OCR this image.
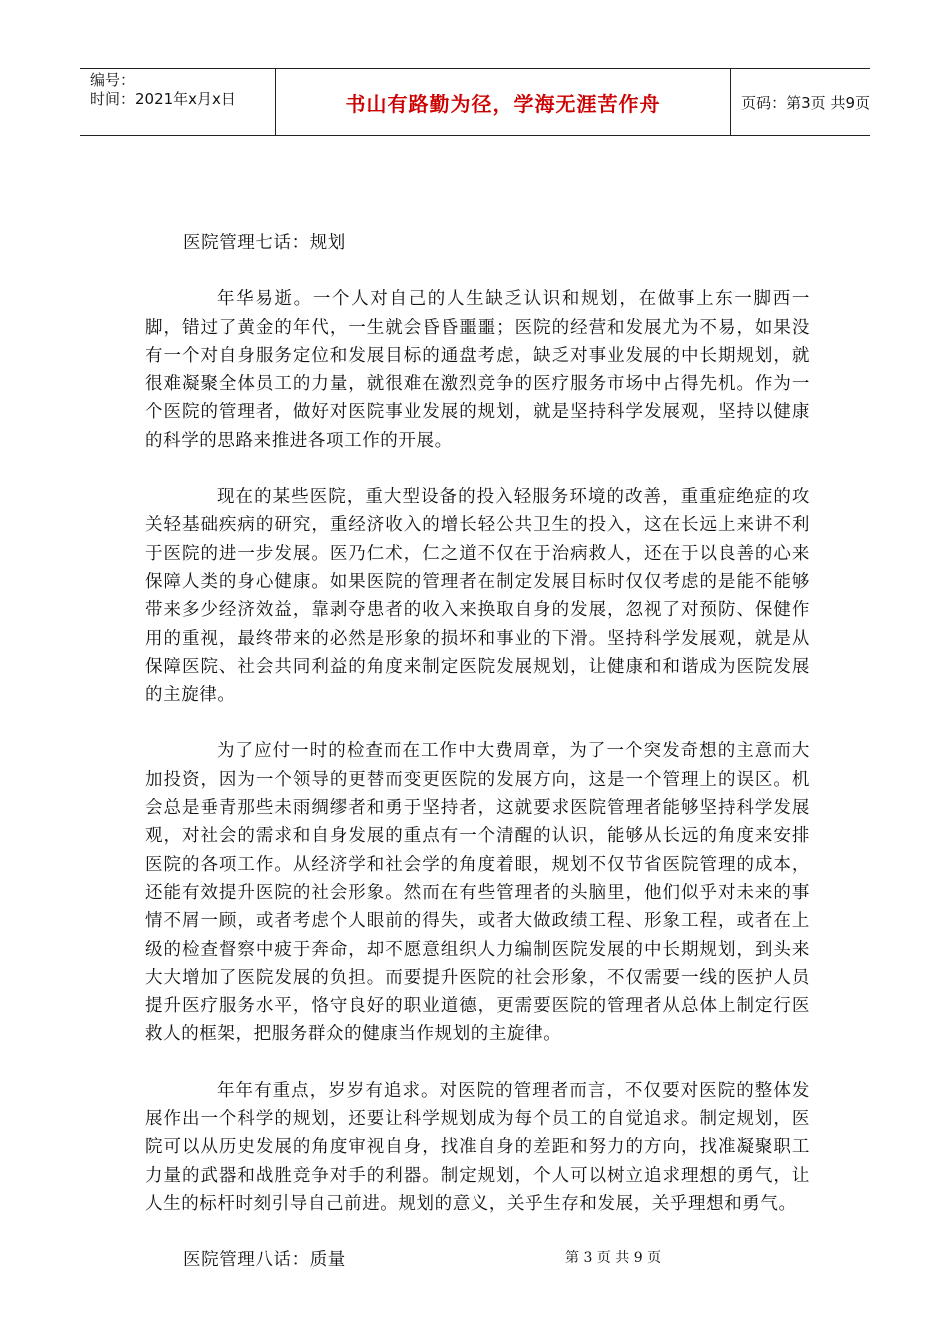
编号：
时间：2021年x月x日	书山有路勤为径，学海无涯苦作舟	页码：第3页 共9页

医院管理七话：规划

年华易逝。一个人对自己的人生缺乏认识和规划，在做事上东一脚西一脚，错过了黄金的年代，一生就会昏昏噩噩；医院的经营和发展尤为不易，如果没有一个对自身服务定位和发展目标的通盘考虑，缺乏对事业发展的中长期规划，就很难凝聚全体员工的力量，就很难在激烈竞争的医疗服务市场中占得先机。作为一个医院的管理者，做好对医院事业发展的规划，就是坚持科学发展观，坚持以健康的科学的思路来推进各项工作的开展。

现在的某些医院，重大型设备的投入轻服务环境的改善，重重症绝症的攻关轻基础疾病的研究，重经济收入的增长轻公共卫生的投入，这在长远上来讲不利于医院的进一步发展。医乃仁术，仁之道不仅在于治病救人，还在于以良善的心来保障人类的身心健康。如果医院的管理者在制定发展目标时仅仅考虑的是能不能够带来多少经济效益，靠剥夺患者的收入来换取自身的发展，忽视了对预防、保健作用的重视，最终带来的必然是形象的损坏和事业的下滑。坚持科学发展观，就是从保障医院、社会共同利益的角度来制定医院发展规划，让健康和和谐成为医院发展的主旋律。

为了应付一时的检查而在工作中大费周章，为了一个突发奇想的主意而大加投资，因为一个领导的更替而变更医院的发展方向，这是一个管理上的误区。机会总是垂青那些未雨绸缪者和勇于坚持者，这就要求医院管理者能够坚持科学发展观，对社会的需求和自身发展的重点有一个清醒的认识，能够从长远的角度来安排医院的各项工作。从经济学和社会学的角度着眼，规划不仅节省医院管理的成本，还能有效提升医院的社会形象。然而在有些管理者的头脑里，他们似乎对未来的事情不屑一顾，或者考虑个人眼前的得失，或者大做政绩工程、形象工程，或者在上级的检查督察中疲于奔命，却不愿意组织人力编制医院发展的中长期规划，到头来大大增加了医院发展的负担。而要提升医院的社会形象，不仅需要一线的医护人员提升医疗服务水平，恪守良好的职业道德，更需要医院的管理者从总体上制定行医救人的框架，把服务群众的健康当作规划的主旋律。

年年有重点，岁岁有追求。对医院的管理者而言，不仅要对医院的整体发展作出一个科学的规划，还要让科学规划成为每个员工的自觉追求。制定规划，医院可以从历史发展的角度审视自身，找准自身的差距和努力的方向，找准凝聚职工力量的武器和战胜竞争对手的利器。制定规划，个人可以树立追求理想的勇气，让人生的标杆时刻引导自己前进。规划的意义，关乎生存和发展，关乎理想和勇气。

医院管理八话：质量	第 3 页 共 9 页
